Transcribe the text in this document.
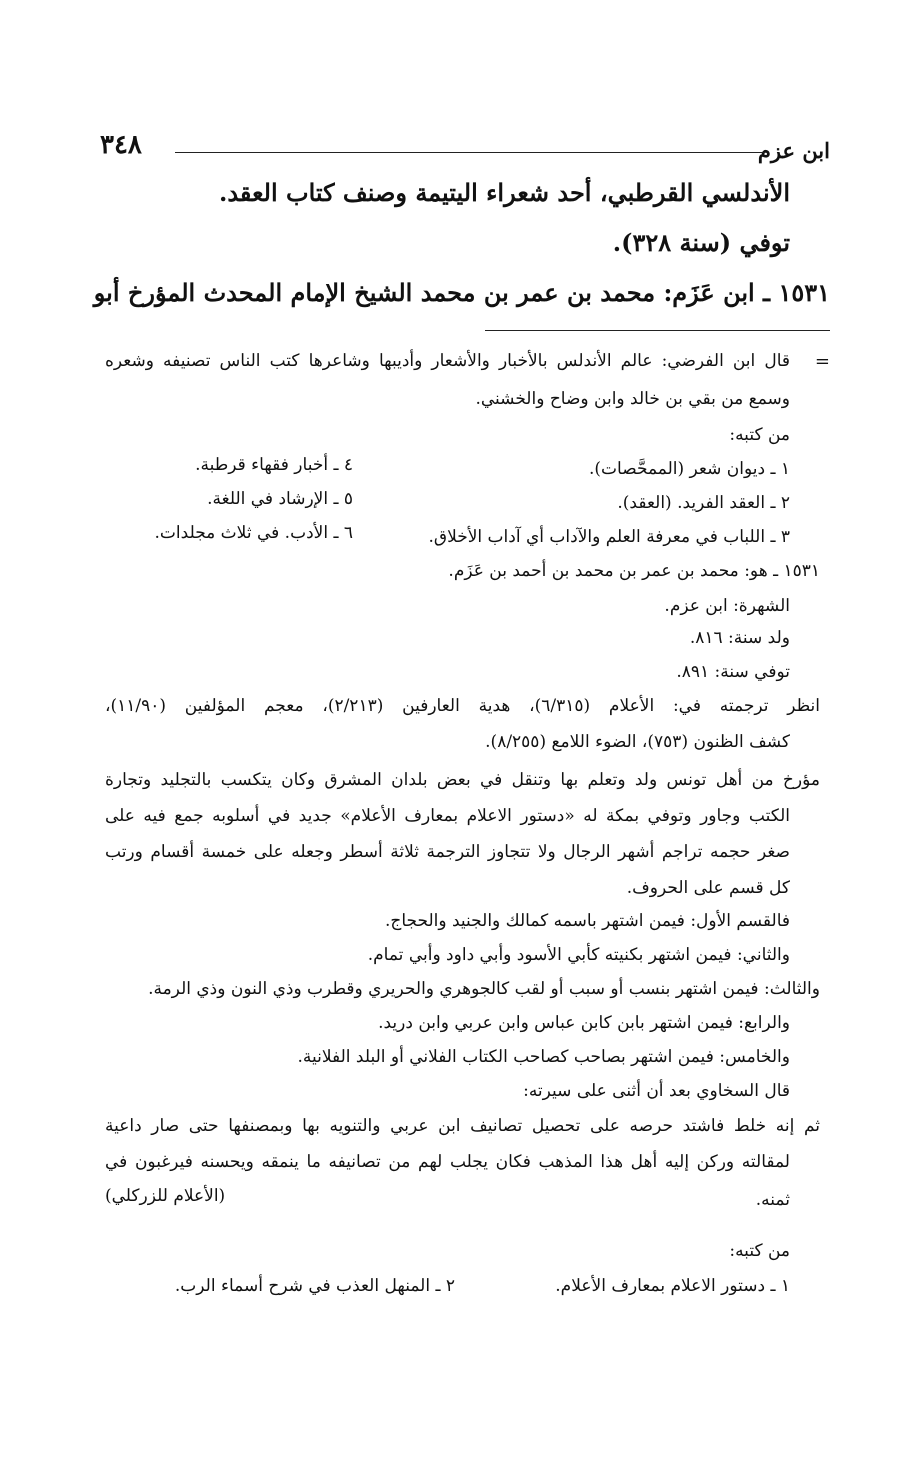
ابن عزم
٣٤٨
الأندلسي القرطبي، أحد شعراء اليتيمة وصنف كتاب العقد.
توفي (سنة ٣٢٨).
١٥٣١ ـ ابن عَزَم: محمد بن عمر بن محمد الشيخ الإمام المحدث المؤرخ أبو
=
قال ابن الفرضي: عالم الأندلس بالأخبار والأشعار وأديبها وشاعرها كتب الناس تصنيفه وشعره
وسمع من بقي بن خالد وابن وضاح والخشني.
من كتبه:
١ ـ ديوان شعر (الممحَّصات).
٢ ـ العقد الفريد. (العقد).
٣ ـ اللباب في معرفة العلم والآداب أي آداب الأخلاق.
٤ ـ أخبار فقهاء قرطبة.
٥ ـ الإرشاد في اللغة.
٦ ـ الأدب. في ثلاث مجلدات.
١٥٣١ ـ هو: محمد بن عمر بن محمد بن أحمد بن عَزَم.
الشهرة: ابن عزم.
ولد سنة: ٨١٦.
توفي سنة: ٨٩١.
انظر ترجمته في: الأعلام (٦/٣١٥)، هدية العارفين (٢/٢١٣)، معجم المؤلفين (١١/٩٠)،
كشف الظنون (٧٥٣)، الضوء اللامع (٨/٢٥٥).
مؤرخ من أهل تونس ولد وتعلم بها وتنقل في بعض بلدان المشرق وكان يتكسب بالتجليد وتجارة
الكتب وجاور وتوفي بمكة له «دستور الاعلام بمعارف الأعلام» جديد في أسلوبه جمع فيه على
صغر حجمه تراجم أشهر الرجال ولا تتجاوز الترجمة ثلاثة أسطر وجعله على خمسة أقسام ورتب
كل قسم على الحروف.
فالقسم الأول: فيمن اشتهر باسمه كمالك والجنيد والحجاج.
والثاني: فيمن اشتهر بكنيته كأبي الأسود وأبي داود وأبي تمام.
والثالث: فيمن اشتهر بنسب أو سبب أو لقب كالجوهري والحريري وقطرب وذي النون وذي الرمة.
والرابع: فيمن اشتهر بابن كابن عباس وابن عربي وابن دريد.
والخامس: فيمن اشتهر بصاحب كصاحب الكتاب الفلاني أو البلد الفلانية.
قال السخاوي بعد أن أثنى على سيرته:
ثم إنه خلط فاشتد حرصه على تحصيل تصانيف ابن عربي والتنويه بها وبمصنفها حتى صار داعية
لمقالته وركن إليه أهل هذا المذهب فكان يجلب لهم من تصانيفه ما ينمقه ويحسنه فيرغبون في
ثمنه.
(الأعلام للزركلي)
من كتبه:
١ ـ دستور الاعلام بمعارف الأعلام.
٢ ـ المنهل العذب في شرح أسماء الرب.
